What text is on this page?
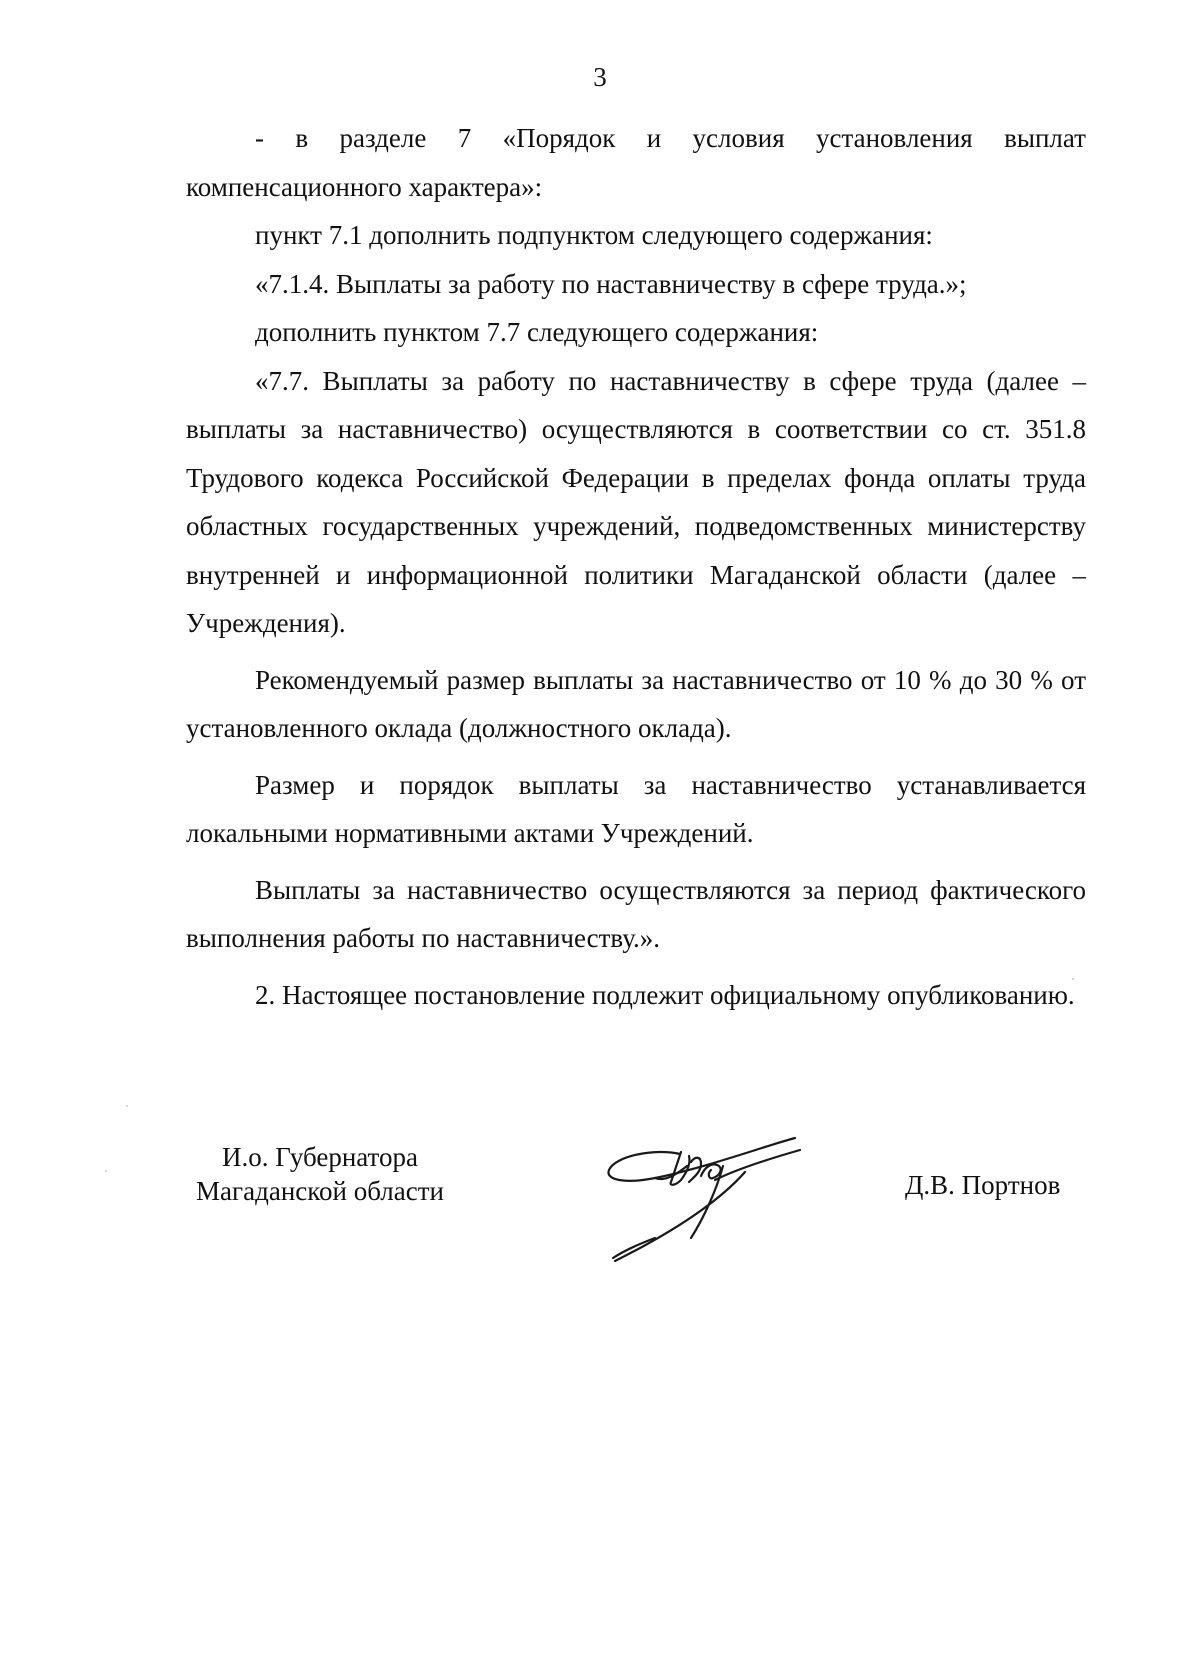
3

- в разделе 7 «Порядок и условия установления выплат

компенсационного характера»:

пункт 7.1 дополнить подпунктом следующего содержания:

«7.1.4. Выплаты за работу по наставничеству в сфере труда.»;

дополнить пунктом 7.7 следующего содержания:

«7.7. Выплаты за работу по наставничеству в сфере труда (далее – выплаты за наставничество) осуществляются в соответствии со ст. 351.8 Трудового кодекса Российской Федерации в пределах фонда оплаты труда областных государственных учреждений, подведомственных министерству внутренней и информационной политики Магаданской области (далее – Учреждения).

Рекомендуемый размер выплаты за наставничество от 10 % до 30 % от установленного оклада (должностного оклада).

Размер и порядок выплаты за наставничество устанавливается локальными нормативными актами Учреждений.

Выплаты за наставничество осуществляются за период фактического выполнения работы по наставничеству.».

2. Настоящее постановление подлежит официальному опубликованию.

И.о. Губернатора
Магаданской области	Д.В. Портнов
